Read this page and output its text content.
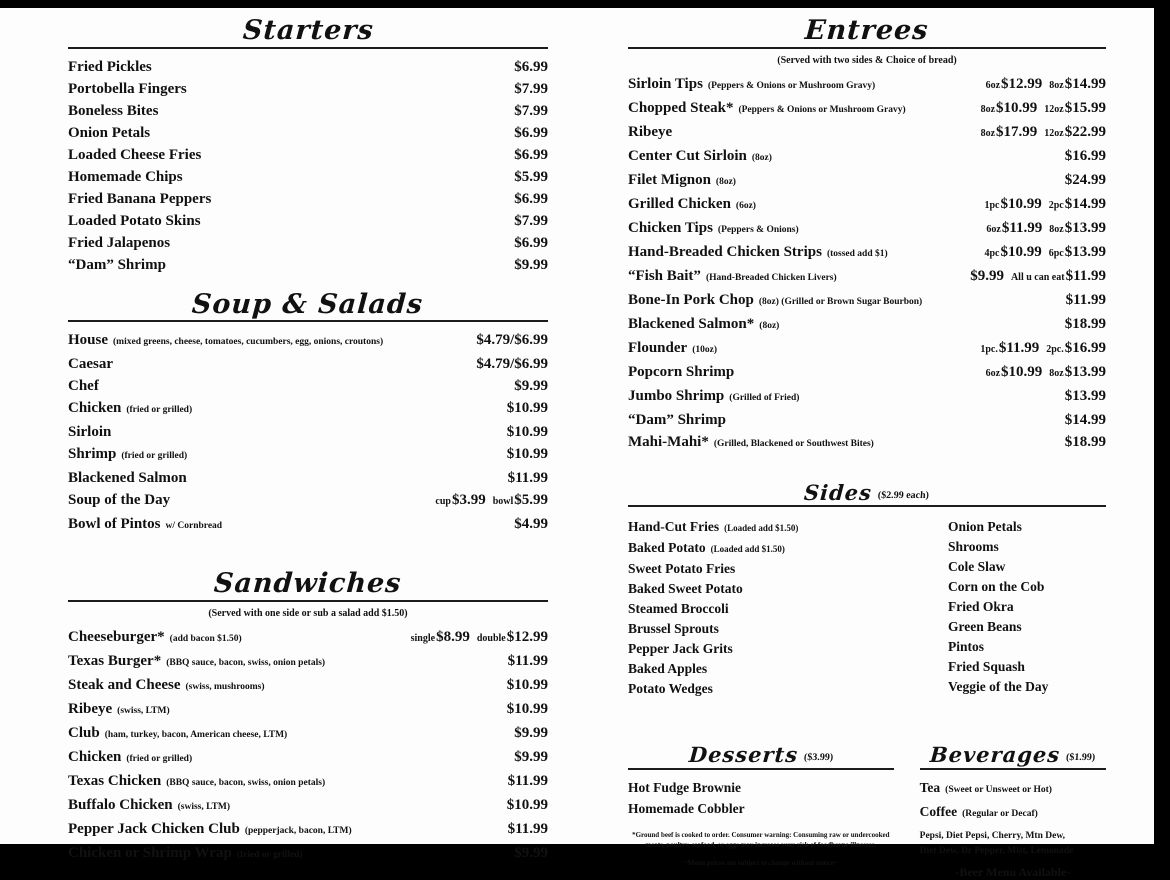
Starters
Fried Pickles	$6.99
Portobella Fingers	$7.99
Boneless Bites	$7.99
Onion Petals	$6.99
Loaded Cheese Fries	$6.99
Homemade Chips	$5.99
Fried Banana Peppers	$6.99
Loaded Potato Skins	$7.99
Fried Jalapenos	$6.99
“Dam” Shrimp	$9.99
Soup & Salads
House (mixed greens, cheese, tomatoes, cucumbers, egg, onions, croutons)	$4.79/$6.99
Caesar	$4.79/$6.99
Chef	$9.99
Chicken (fried or grilled)	$10.99
Sirloin	$10.99
Shrimp (fried or grilled)	$10.99
Blackened Salmon	$11.99
Soup of the Day	cup$3.99 bowl$5.99
Bowl of Pintos w/ Cornbread	$4.99
Sandwiches
(Served with one side or sub a salad add $1.50)
Cheeseburger* (add bacon $1.50)	single$8.99 double$12.99
Texas Burger* (BBQ sauce, bacon, swiss, onion petals)	$11.99
Steak and Cheese (swiss, mushrooms)	$10.99
Ribeye (swiss, LTM)	$10.99
Club (ham, turkey, bacon, American cheese, LTM)	$9.99
Chicken (fried or grilled)	$9.99
Texas Chicken (BBQ sauce, bacon, swiss, onion petals)	$11.99
Buffalo Chicken (swiss, LTM)	$10.99
Pepper Jack Chicken Club (pepperjack, bacon, LTM)	$11.99
Chicken or Shrimp Wrap (fried or grilled)	$9.99
Entrees
(Served with two sides & Choice of bread)
Sirloin Tips (Peppers & Onions or Mushroom Gravy)	6oz$12.99 8oz$14.99
Chopped Steak* (Peppers & Onions or Mushroom Gravy)	8oz$10.99 12oz$15.99
Ribeye	8oz$17.99 12oz$22.99
Center Cut Sirloin (8oz)	$16.99
Filet Mignon (8oz)	$24.99
Grilled Chicken (6oz)	1pc$10.99 2pc$14.99
Chicken Tips (Peppers & Onions)	6oz$11.99 8oz$13.99
Hand-Breaded Chicken Strips (tossed add $1)	4pc$10.99 6pc$13.99
“Fish Bait” (Hand-Breaded Chicken Livers)	$9.99 All u can eat$11.99
Bone-In Pork Chop (8oz) (Grilled or Brown Sugar Bourbon)	$11.99
Blackened Salmon* (8oz)	$18.99
Flounder (10oz)	1pc.$11.99 2pc.$16.99
Popcorn Shrimp	6oz$10.99 8oz$13.99
Jumbo Shrimp (Grilled of Fried)	$13.99
“Dam” Shrimp	$14.99
Mahi-Mahi* (Grilled, Blackened or Southwest Bites)	$18.99
Sides ($2.99 each)
Hand-Cut Fries (Loaded add $1.50)
Baked Potato (Loaded add $1.50)
Sweet Potato Fries
Baked Sweet Potato
Steamed Broccoli
Brussel Sprouts
Pepper Jack Grits
Baked Apples
Potato Wedges
Onion Petals
Shrooms
Cole Slaw
Corn on the Cob
Fried Okra
Green Beans
Pintos
Fried Squash
Veggie of the Day
Desserts ($3.99)
Hot Fudge Brownie
Homemade Cobbler
*Ground beef is cooked to order. Consumer warning: Consuming raw or undercooked meats, poultry, seafood, or eggs may increase your risk of foodborne illnesses.
~Menu prices are subject to change without notice~
Beverages ($1.99)
Tea (Sweet or Unsweet or Hot)
Coffee (Regular or Decaf)
Pepsi, Diet Pepsi, Cherry, Mtn Dew,
Diet Dew, Dr Pepper, Mist, Lemonade
-Beer Menu Available-
